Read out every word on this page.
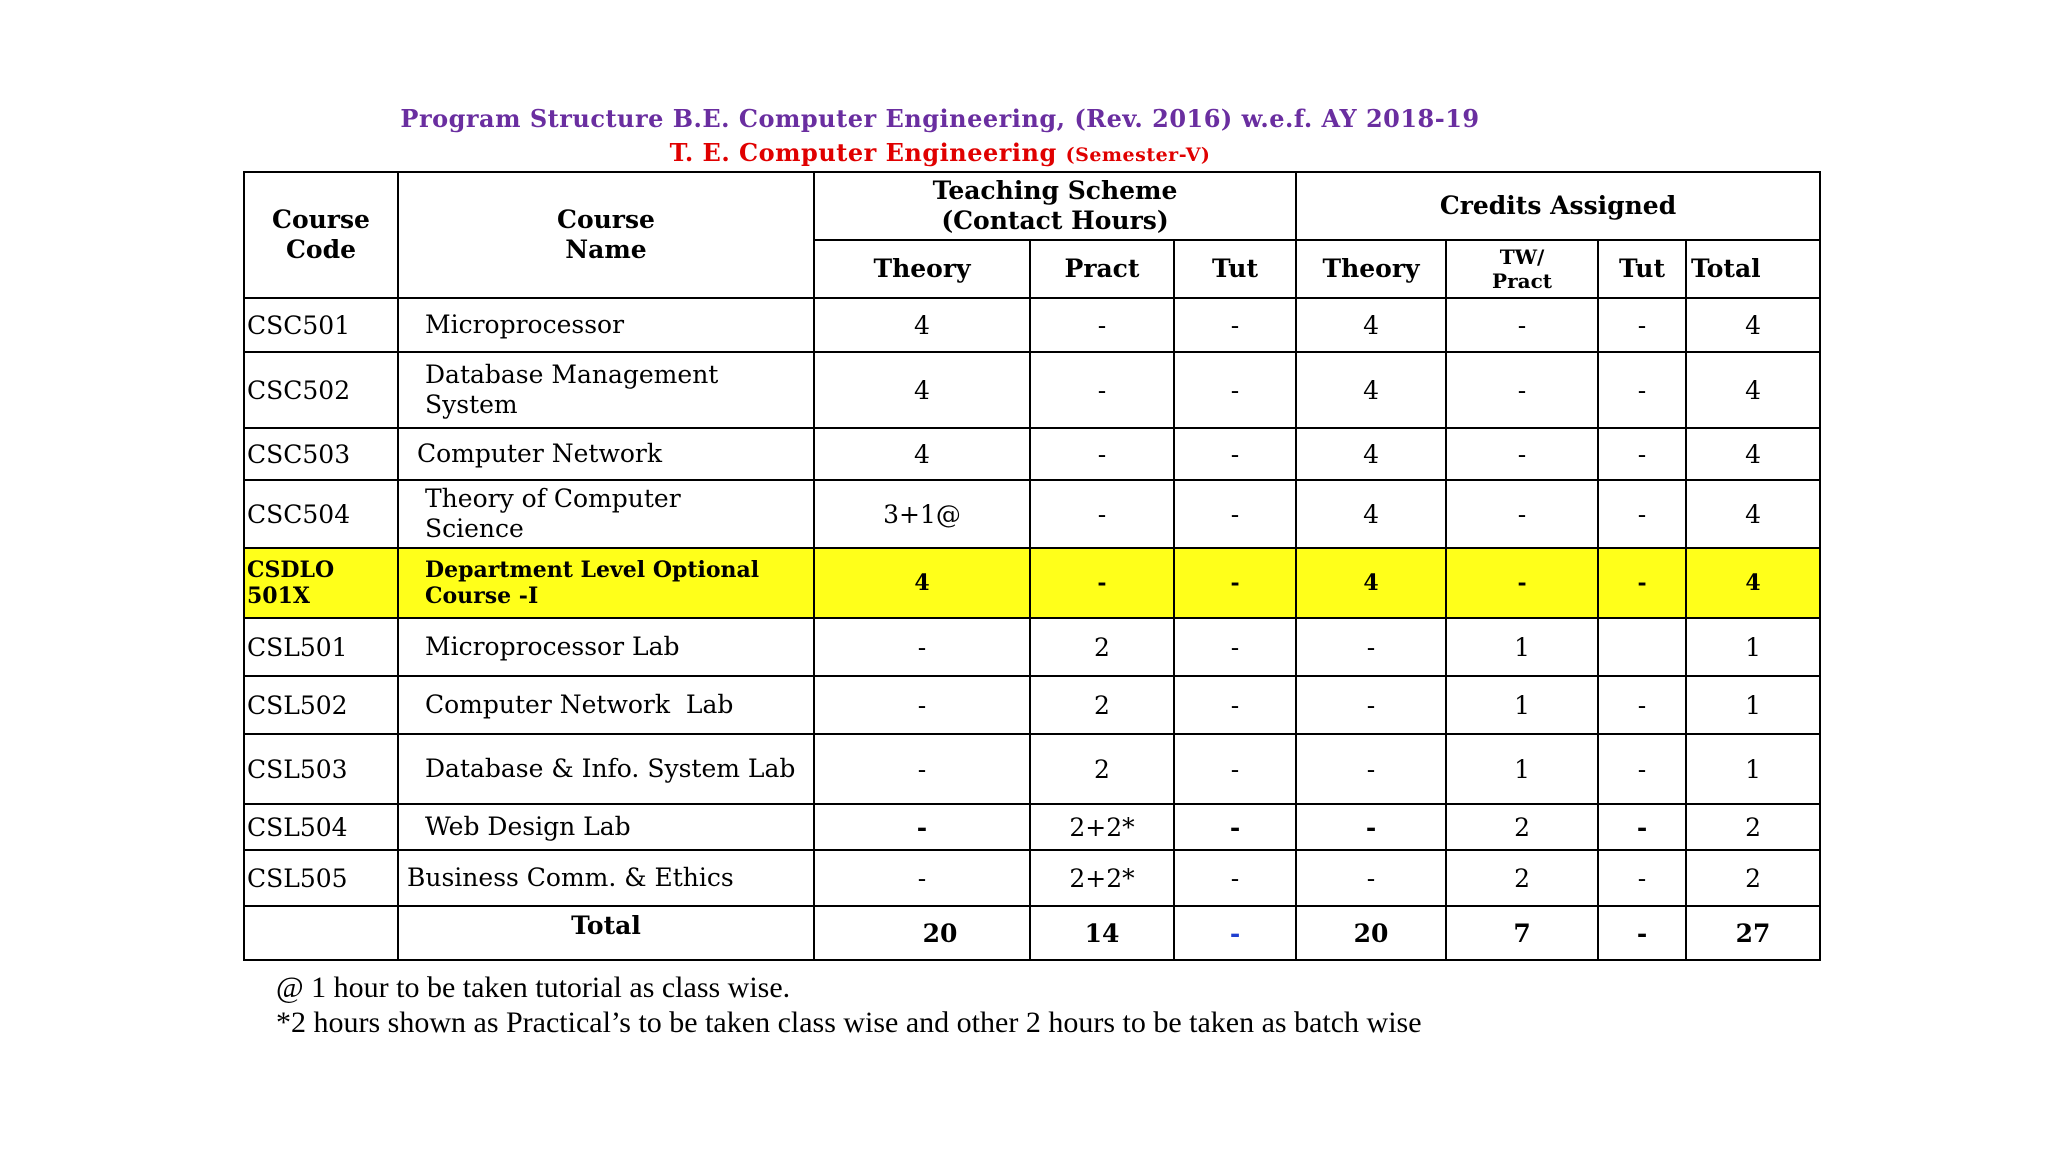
Program Structure B.E. Computer Engineering, (Rev. 2016) w.e.f. AY 2018-19
T. E. Computer Engineering (Semester-V)
Course Code	Course Name	Teaching Scheme (Contact Hours)			Credits Assigned			
		Theory	Pract	Tut	Theory	TW/ Pract	Tut	Total
CSC501	Microprocessor	4	-	-	4	-	-	4
CSC502	Database Management System	4	-	-	4	-	-	4
CSC503	Computer Network	4	-	-	4	-	-	4
CSC504	Theory of Computer Science	3+1@	-	-	4	-	-	4
CSDLO 501X	Department Level Optional Course -I	4	-	-	4	-	-	4
CSL501	Microprocessor Lab	-	2	-	-	1		1
CSL502	Computer Network  Lab	-	2	-	-	1	-	1
CSL503	Database & Info. System Lab	-	2	-	-	1	-	1
CSL504	Web Design Lab	-	2+2*	-	-	2	-	2
CSL505	Business Comm. & Ethics	-	2+2*	-	-	2	-	2
	Total	20	14	-	20	7	-	27
@ 1 hour to be taken tutorial as class wise.
*2 hours shown as Practical’s to be taken class wise and other 2 hours to be taken as batch wise
